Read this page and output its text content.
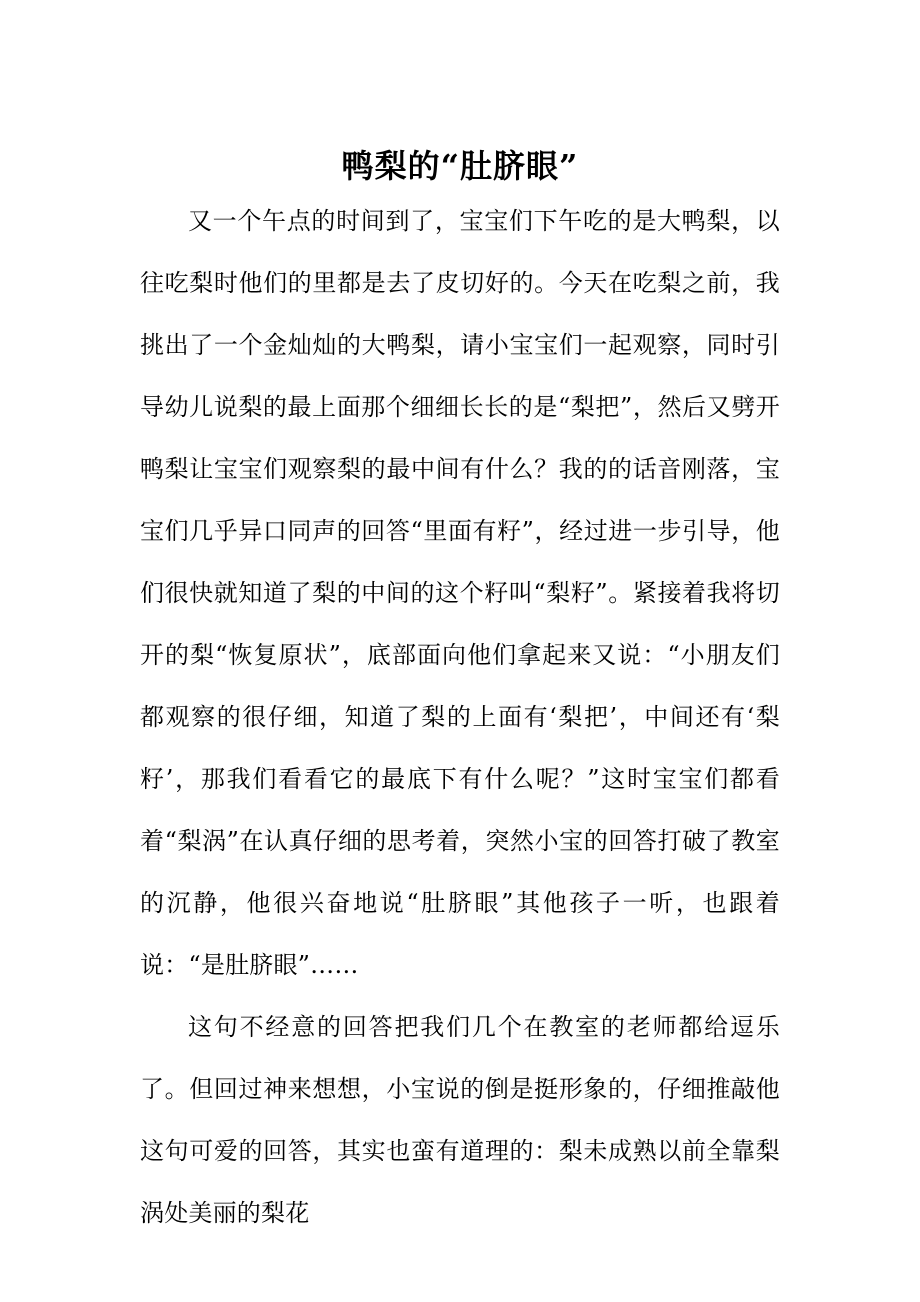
鸭梨的“肚脐眼”

又一个午点的时间到了，宝宝们下午吃的是大鸭梨，以往吃梨时他们的里都是去了皮切好的。今天在吃梨之前，我挑出了一个金灿灿的大鸭梨，请小宝宝们一起观察，同时引导幼儿说梨的最上面那个细细长长的是“梨把”，然后又劈开鸭梨让宝宝们观察梨的最中间有什么？我的的话音刚落，宝宝们几乎异口同声的回答“里面有籽”，经过进一步引导，他们很快就知道了梨的中间的这个籽叫“梨籽”。紧接着我将切开的梨“恢复原状”，底部面向他们拿起来又说：“小朋友们都观察的很仔细，知道了梨的上面有‘梨把’，中间还有‘梨籽’，那我们看看它的最底下有什么呢？”这时宝宝们都看着“梨涡”在认真仔细的思考着，突然小宝的回答打破了教室的沉静，他很兴奋地说“肚脐眼”其他孩子一听，也跟着说：“是肚脐眼”……

这句不经意的回答把我们几个在教室的老师都给逗乐了。但回过神来想想，小宝说的倒是挺形象的，仔细推敲他这句可爱的回答，其实也蛮有道理的：梨未成熟以前全靠梨涡处美丽的梨花
